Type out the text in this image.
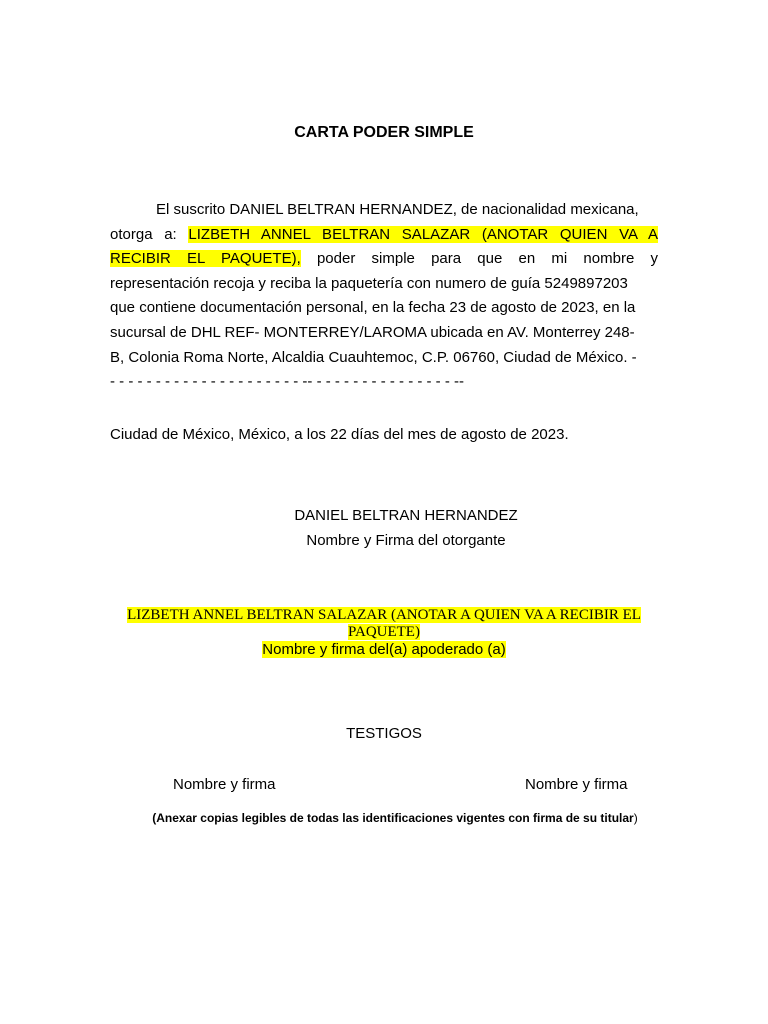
CARTA PODER SIMPLE
El suscrito DANIEL BELTRAN HERNANDEZ, de nacionalidad mexicana,
otorga a: LIZBETH ANNEL BELTRAN SALAZAR (ANOTAR QUIEN VA A
RECIBIR EL PAQUETE), poder simple para que en mi nombre y
representación recoja y reciba la paquetería con numero de guía 5249897203
que contiene documentación personal, en la fecha 23 de agosto de 2023, en la
sucursal de DHL REF- MONTERREY/LAROMA ubicada en AV. Monterrey 248-
B, Colonia Roma Norte, Alcaldia Cuauhtemoc, C.P. 06760, Ciudad de México. -
- - - - - - - - - - - - - - - - - - - - - -- - - - - - - - - - - - - - - - --
Ciudad de México, México, a los 22 días del mes de agosto de 2023.
DANIEL BELTRAN HERNANDEZ
Nombre y Firma del otorgante
LIZBETH ANNEL BELTRAN SALAZAR (ANOTAR A QUIEN VA A RECIBIR EL
PAQUETE)
Nombre y firma del(a) apoderado (a)
TESTIGOS
Nombre y firma	Nombre y firma
(Anexar copias legibles de todas las identificaciones vigentes con firma de su titular)
